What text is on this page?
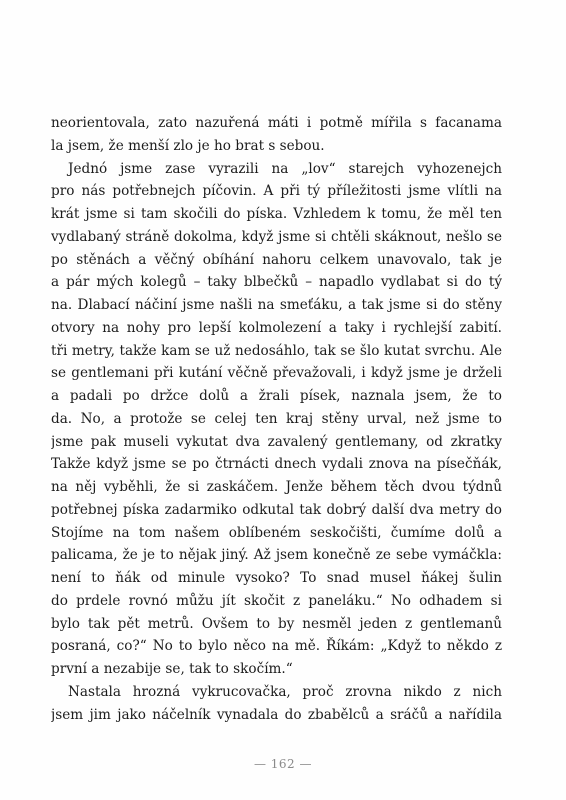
neorientovala, zato nazuřená máti i potmě mířila s facanama
la jsem, že menší zlo je ho brat s sebou.
Jednó jsme zase vyrazili na „lov“ starejch vyhozenejch
pro nás potřebnejch píčovin. A při tý příležitosti jsme vlítli na
krát jsme si tam skočili do píska. Vzhledem k tomu, že měl ten
vydlabaný stráně dokolma, když jsme si chtěli skáknout, nešlo se
po stěnách a věčný obíhání nahoru celkem unavovalo, tak je
a pár mých kolegů – taky blbečků – napadlo vydlabat si do tý
na. Dlabací náčiní jsme našli na smeťáku, a tak jsme si do stěny
otvory na nohy pro lepší kolmolezení a taky i rychlejší zabití.
tři metry, takže kam se už nedosáhlo, tak se šlo kutat svrchu. Ale
se gentlemani při kutání věčně převažovali, i když jsme je drželi
a padali po držce dolů a žrali písek, naznala jsem, že to
da. No, a protože se celej ten kraj stěny urval, než jsme to
jsme pak museli vykutat dva zavalený gentlemany, od zkratky
Takže když jsme se po čtrnácti dnech vydali znova na písečňák,
na něj vyběhli, že si zaskáčem. Jenže během těch dvou týdnů
potřebnej píska zadarmiko odkutal tak dobrý další dva metry do
Stojíme na tom našem oblíbeném seskočišti, čumíme dolů a
palicama, že je to nějak jiný. Až jsem konečně ze sebe vymáčkla:
není to ňák od minule vysoko? To snad musel ňákej šulin
do prdele rovnó můžu jít skočit z paneláku.“ No odhadem si
bylo tak pět metrů. Ovšem to by nesměl jeden z gentlemanů
posraná, co?“ No to bylo něco na mě. Říkám: „Když to někdo z
první a nezabije se, tak to skočím.“
Nastala hrozná vykrucovačka, proč zrovna nikdo z nich
jsem jim jako náčelník vynadala do zbabělců a sráčů a nařídila
— 162 —
